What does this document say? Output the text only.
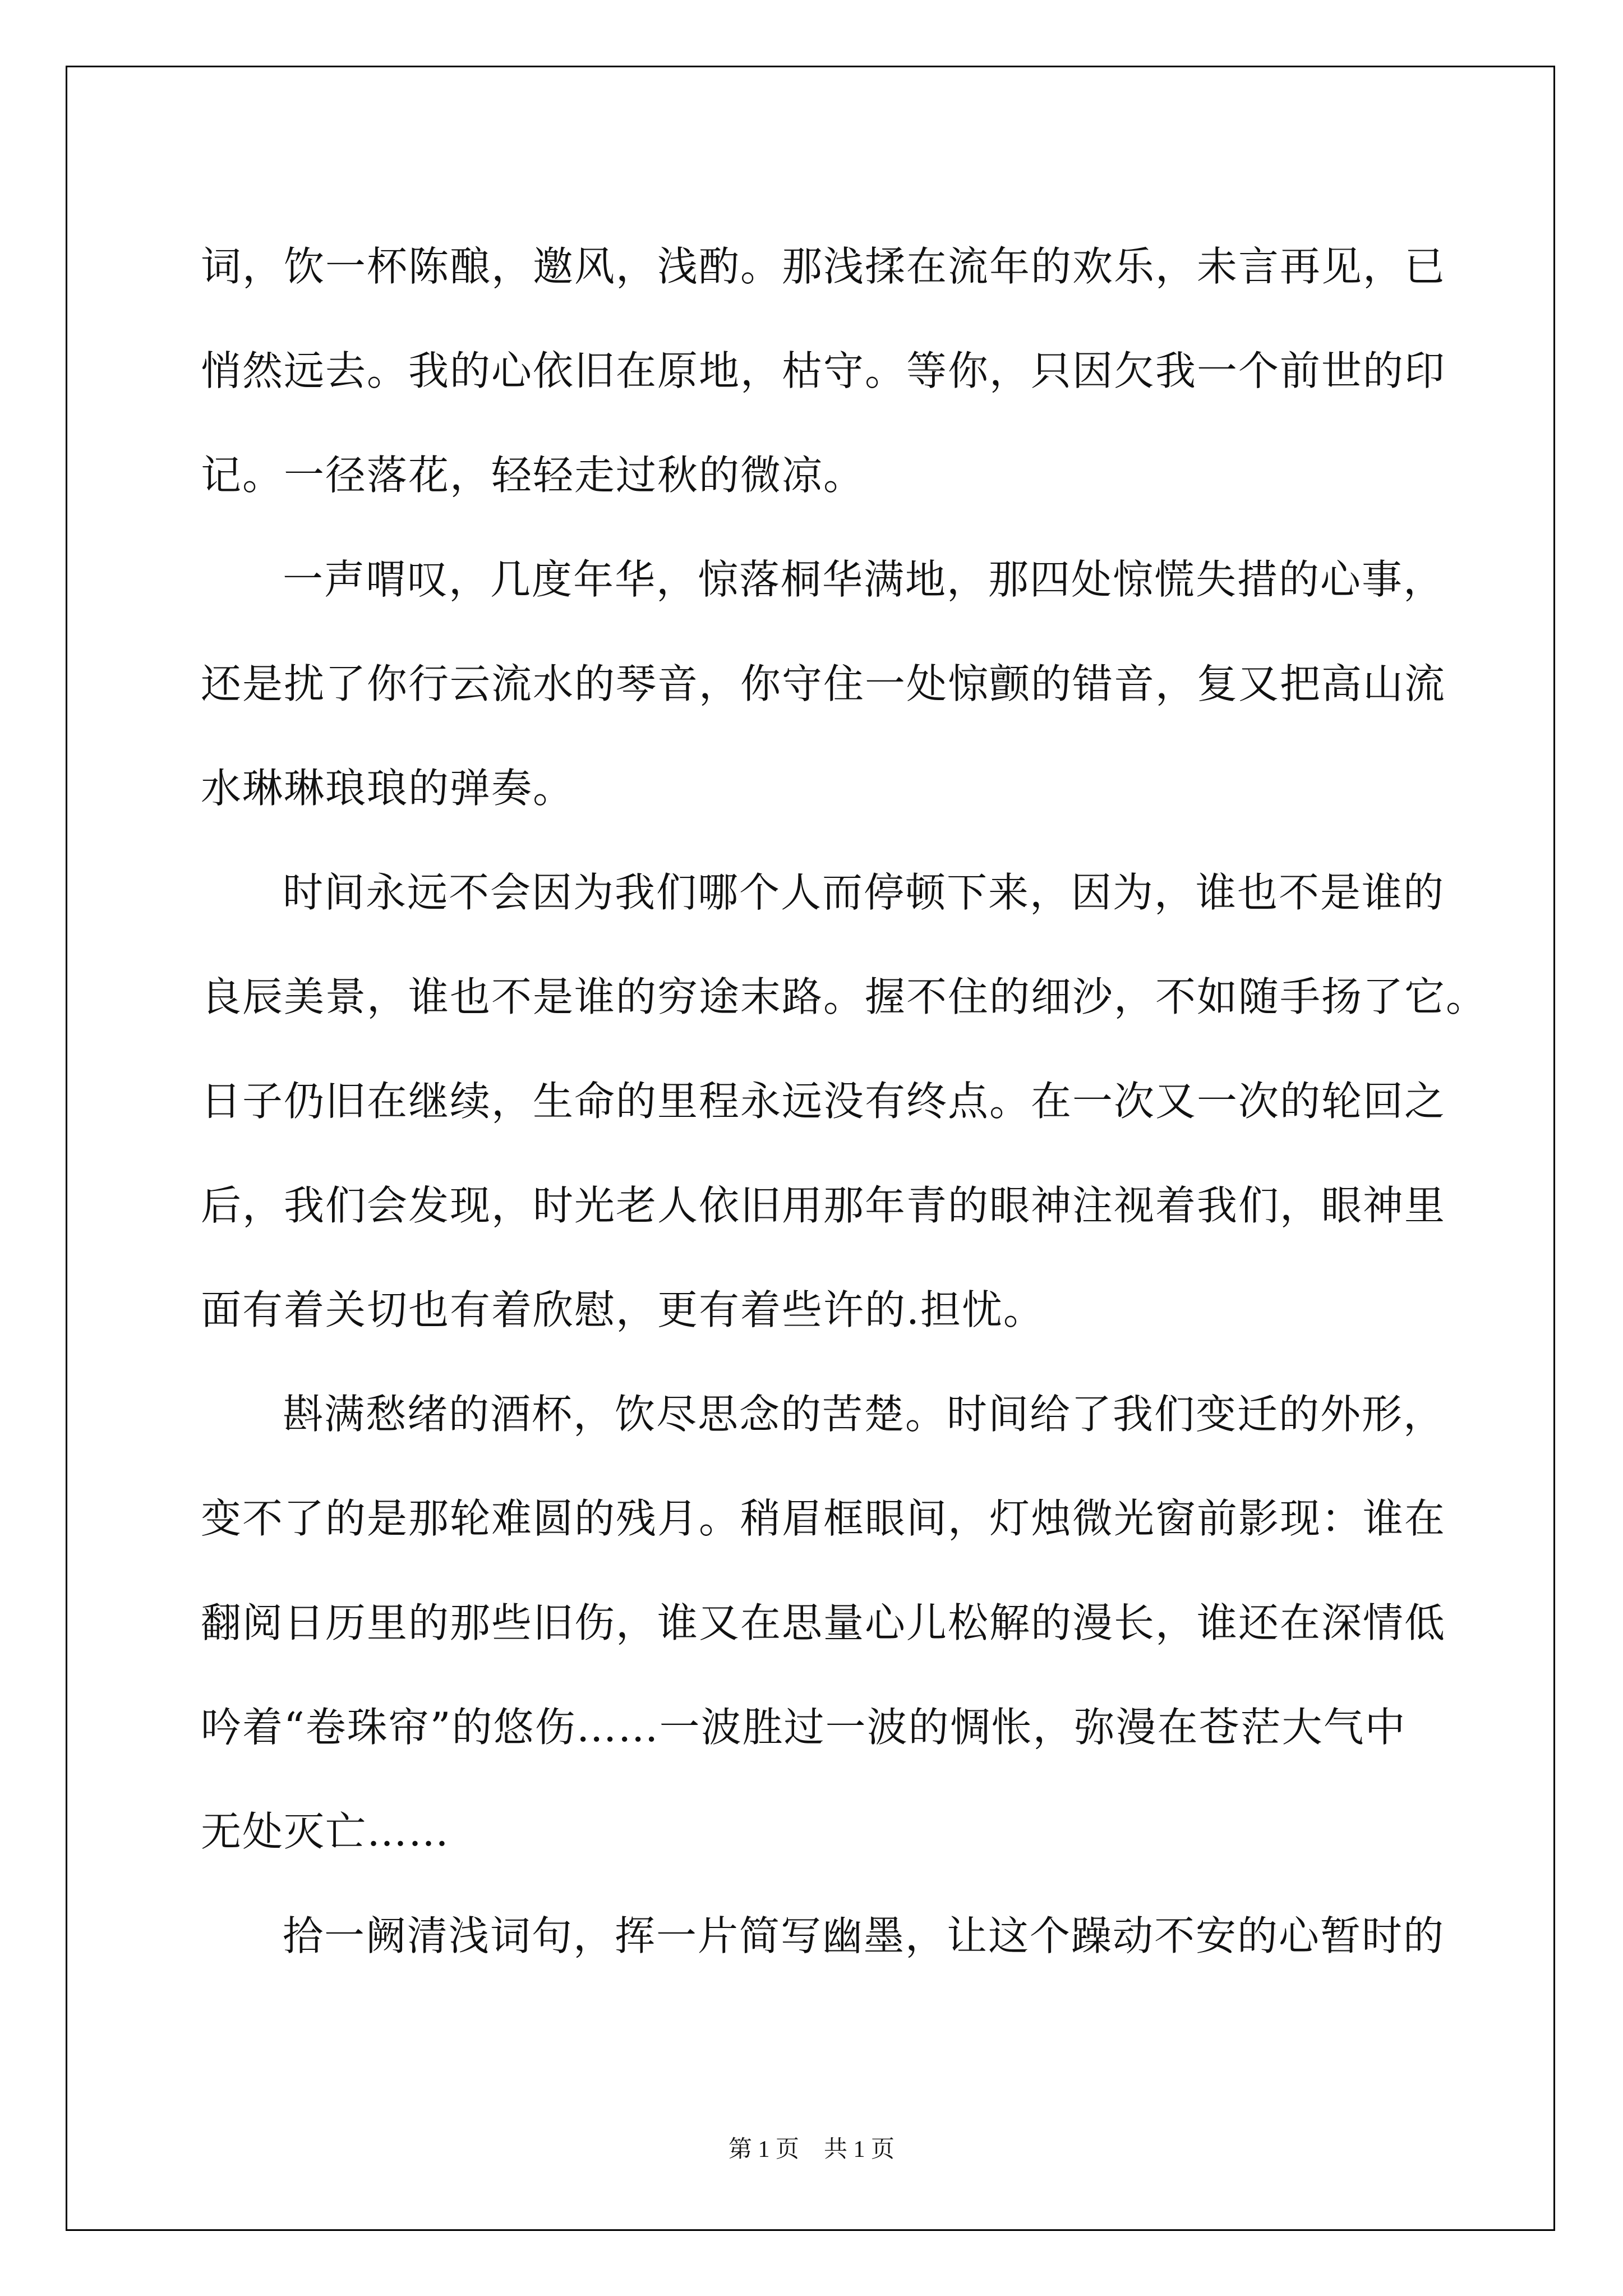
词，饮一杯陈酿，邀风，浅酌。那浅揉在流年的欢乐，未言再见，已
悄然远去。我的心依旧在原地，枯守。等你，只因欠我一个前世的印
记。一径落花，轻轻走过秋的微凉。

一声喟叹，几度年华，惊落桐华满地，那四处惊慌失措的心事，
还是扰了你行云流水的琴音，你守住一处惊颤的错音，复又把高山流
水琳琳琅琅的弹奏。

时间永远不会因为我们哪个人而停顿下来，因为，谁也不是谁的
良辰美景，谁也不是谁的穷途末路。握不住的细沙，不如随手扬了它。
日子仍旧在继续，生命的里程永远没有终点。在一次又一次的轮回之
后，我们会发现，时光老人依旧用那年青的眼神注视着我们，眼神里
面有着关切也有着欣慰，更有着些许的.担忧。

斟满愁绪的酒杯，饮尽思念的苦楚。时间给了我们变迁的外形，
变不了的是那轮难圆的残月。稍眉框眼间，灯烛微光窗前影现：谁在
翻阅日历里的那些旧伤，谁又在思量心儿松解的漫长，谁还在深情低
吟着“卷珠帘”的悠伤……一波胜过一波的惆怅，弥漫在苍茫大气中
无处灭亡……

拾一阙清浅词句，挥一片简写幽墨，让这个躁动不安的心暂时的

第 1 页 共 1 页
